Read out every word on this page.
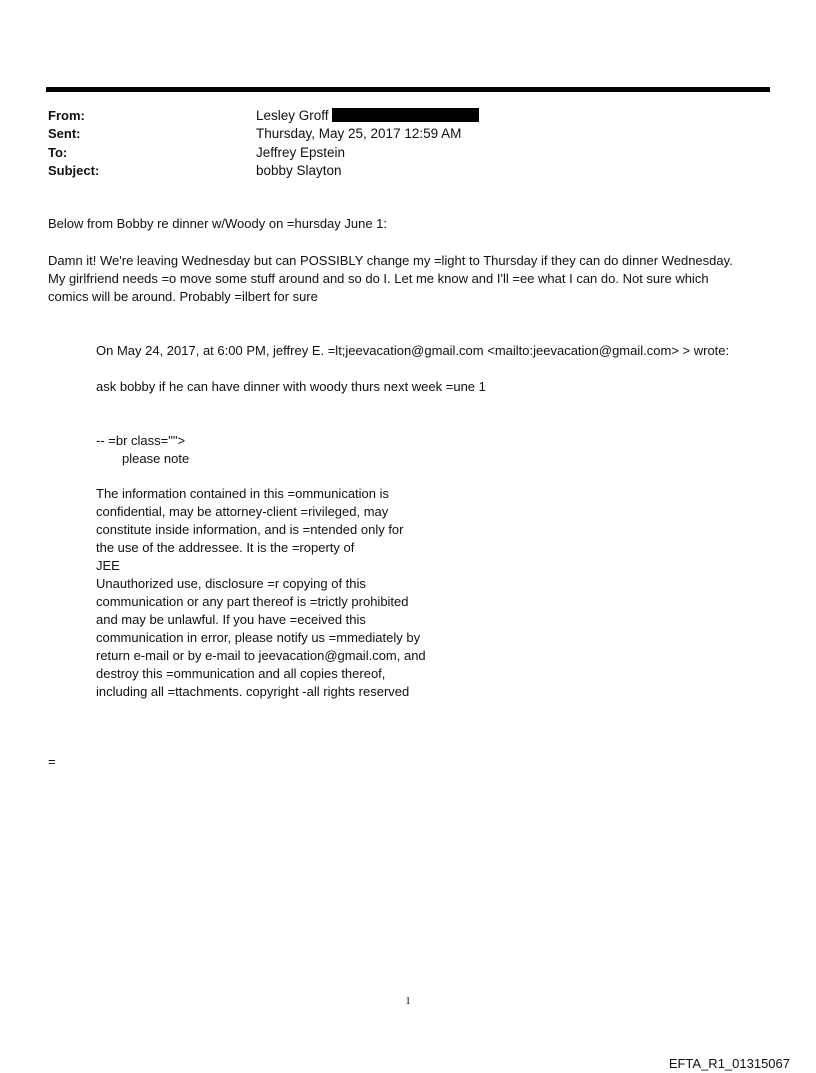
From:	Lesley Groff
Sent:	Thursday, May 25, 2017 12:59 AM
To:	Jeffrey Epstein
Subject:	bobby Slayton
Below from Bobby re dinner w/Woody on =hursday June 1:
Damn it! We're leaving Wednesday but can POSSIBLY change my =light to Thursday if they can do dinner Wednesday.
My girlfriend needs =o move some stuff around and so do I. Let me know and I'll =ee what I can do. Not sure which
comics will be around. Probably =ilbert for sure
On May 24, 2017, at 6:00 PM, jeffrey E. =lt;jeevacation@gmail.com <mailto:jeevacation@gmail.com> > wrote:
ask bobby if he can have dinner with woody thurs next week =une 1
-- =br class="">
please note
The information contained in this =ommunication is
confidential, may be attorney-client =rivileged, may
constitute inside information, and is =ntended only for
the use of the addressee. It is the =roperty of
JEE
Unauthorized use, disclosure =r copying of this
communication or any part thereof is =trictly prohibited
and may be unlawful. If you have =eceived this
communication in error, please notify us =mmediately by
return e-mail or by e-mail to jeevacation@gmail.com, and
destroy this =ommunication and all copies thereof,
including all =ttachments. copyright -all rights reserved
=
1
EFTA_R1_01315067
